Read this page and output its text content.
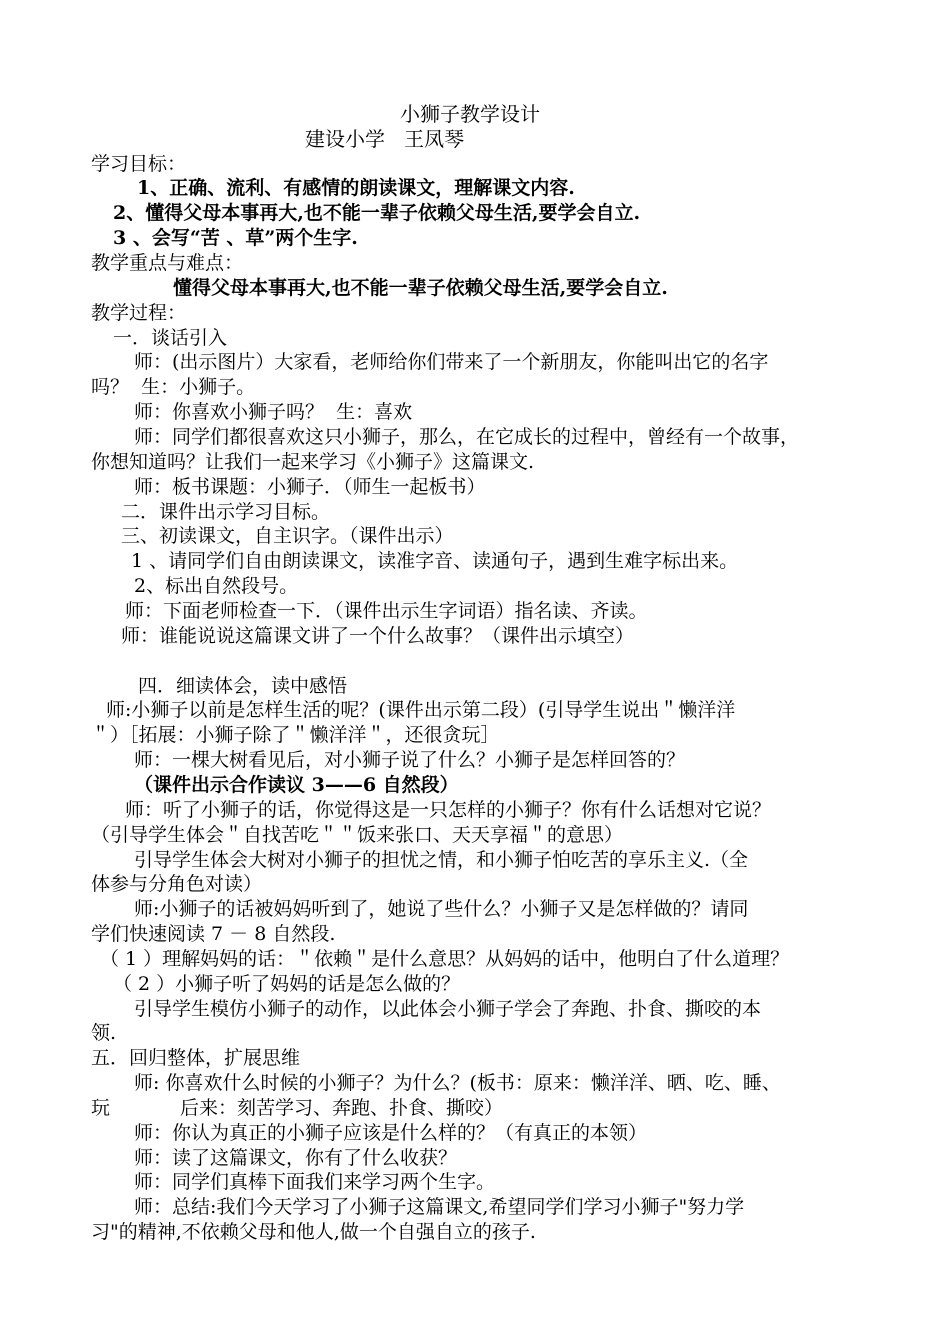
小狮子教学设计
建设小学   王凤琴
学习目标：
1、正确、流利、有感情的朗读课文，理解课文内容.
2、懂得父母本事再大,也不能一辈子依赖父母生活,要学会自立.
3 、会写“苦 、草”两个生字.
教学重点与难点：
懂得父母本事再大,也不能一辈子依赖父母生活,要学会自立.
教学过程：
一．谈话引入
师：(出示图片）大家看，老师给你们带来了一个新朋友，你能叫出它的名字
吗？  生：小狮子。
师：你喜欢小狮子吗？  生：喜欢
师：同学们都很喜欢这只小狮子，那么，在它成长的过程中，曾经有一个故事，
你想知道吗？让我们一起来学习《小狮子》这篇课文.
师：板书课题：小狮子．（师生一起板书）
二．课件出示学习目标。
三、初读课文，自主识字。（课件出示）
1 、请同学们自由朗读课文，读准字音、读通句子，遇到生难字标出来。
2、标出自然段号。
师：下面老师检查一下．（课件出示生字词语）指名读、齐读。
师：谁能说说这篇课文讲了一个什么故事？（课件出示填空）
四．细读体会，读中感悟
师:小狮子以前是怎样生活的呢？(课件出示第二段）(引导学生说出＂懒洋洋
＂）［拓展：小狮子除了＂懒洋洋＂，还很贪玩］
师：一棵大树看见后，对小狮子说了什么？小狮子是怎样回答的？
（课件出示合作读议 3——6 自然段）
师：听了小狮子的话，你觉得这是一只怎样的小狮子？你有什么话想对它说？
（引导学生体会＂自找苦吃＂＂饭来张口、天天享福＂的意思）
引导学生体会大树对小狮子的担忧之情，和小狮子怕吃苦的享乐主义.（全
体参与分角色对读）
师:小狮子的话被妈妈听到了，她说了些什么？小狮子又是怎样做的？请同
学们快速阅读 7 － 8 自然段.
（ 1 ）理解妈妈的话：＂依赖＂是什么意思？从妈妈的话中，他明白了什么道理？
（ 2 ）小狮子听了妈妈的话是怎么做的？
引导学生模仿小狮子的动作，以此体会小狮子学会了奔跑、扑食、撕咬的本
领.
五．回归整体，扩展思维
师: 你喜欢什么时候的小狮子？为什么？(板书：原来：懒洋洋、晒、吃、睡、
玩	后来：刻苦学习、奔跑、扑食、撕咬）
师：你认为真正的小狮子应该是什么样的？（有真正的本领）
师：读了这篇课文，你有了什么收获？
师：同学们真棒下面我们来学习两个生字。
师：总结:我们今天学习了小狮子这篇课文,希望同学们学习小狮子"努力学
习"的精神,不依赖父母和他人,做一个自强自立的孩子.
